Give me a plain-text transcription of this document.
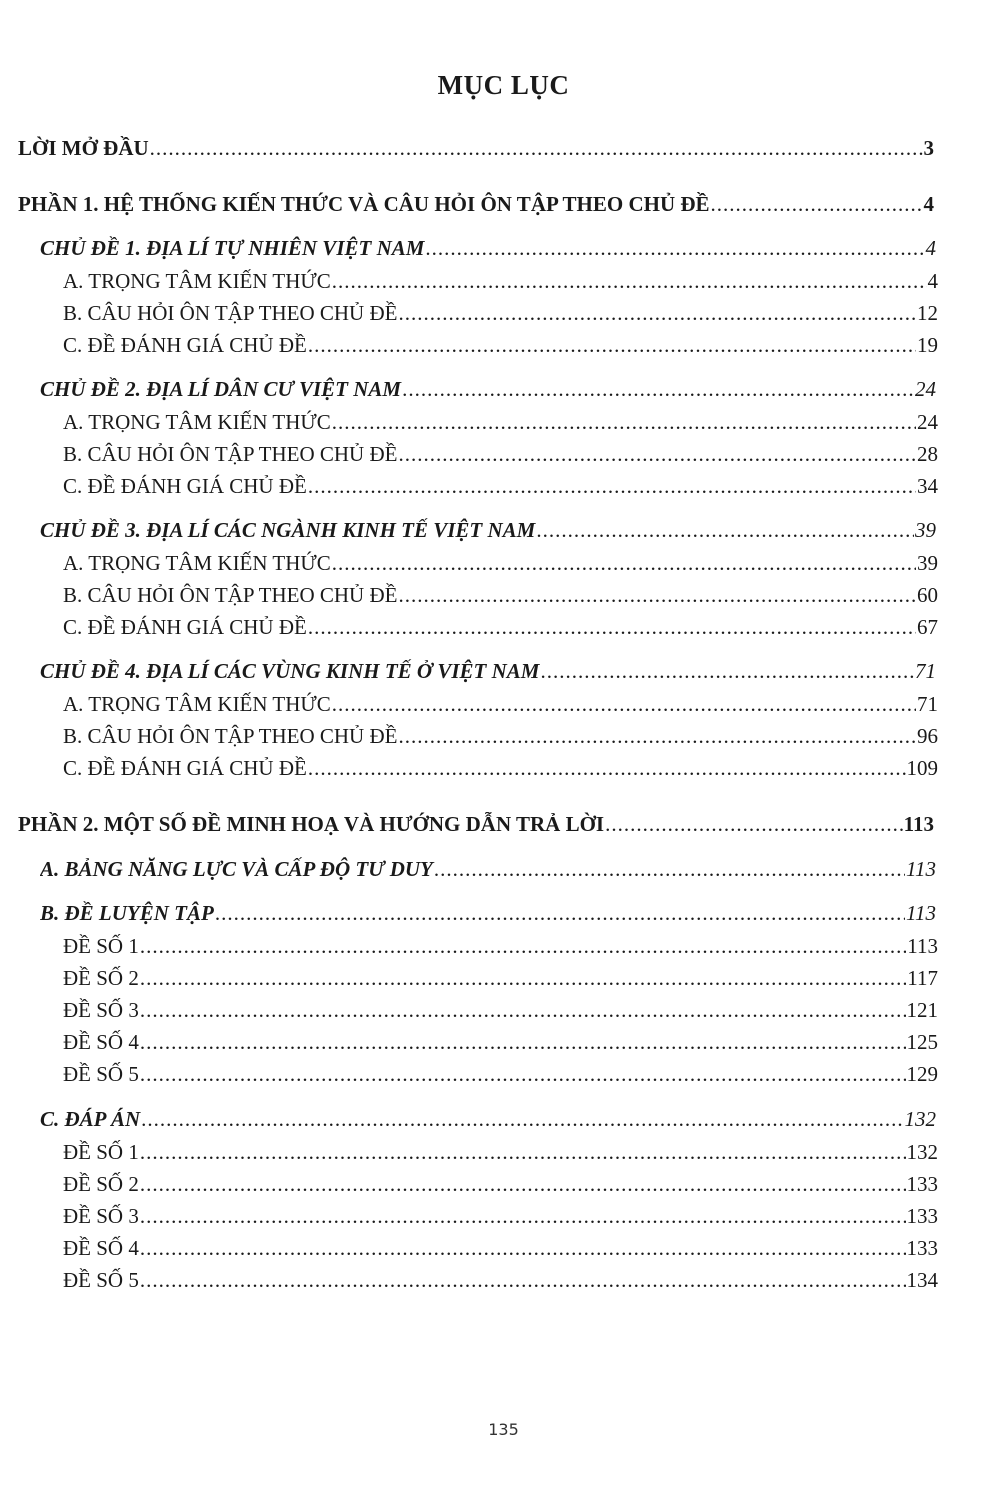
MỤC LỤC
LỜI MỞ ĐẦU .....	3
PHẦN 1. HỆ THỐNG KIẾN THỨC VÀ CÂU HỎI ÔN TẬP THEO CHỦ ĐỀ .....	4
CHỦ ĐỀ 1. ĐỊA LÍ TỰ NHIÊN VIỆT NAM .....	4
A. TRỌNG TÂM KIẾN THỨC .....	4
B. CÂU HỎI ÔN TẬP THEO CHỦ ĐỀ .....	12
C. ĐỀ ĐÁNH GIÁ CHỦ ĐỀ .....	19
CHỦ ĐỀ 2. ĐỊA LÍ DÂN CƯ VIỆT NAM .....	24
A. TRỌNG TÂM KIẾN THỨC .....	24
B. CÂU HỎI ÔN TẬP THEO CHỦ ĐỀ .....	28
C. ĐỀ ĐÁNH GIÁ CHỦ ĐỀ .....	34
CHỦ ĐỀ 3. ĐỊA LÍ CÁC NGÀNH KINH TẾ VIỆT NAM .....	39
A. TRỌNG TÂM KIẾN THỨC .....	39
B. CÂU HỎI ÔN TẬP THEO CHỦ ĐỀ .....	60
C. ĐỀ ĐÁNH GIÁ CHỦ ĐỀ .....	67
CHỦ ĐỀ 4. ĐỊA LÍ CÁC VÙNG KINH TẾ Ở VIỆT NAM .....	71
A. TRỌNG TÂM KIẾN THỨC .....	71
B. CÂU HỎI ÔN TẬP THEO CHỦ ĐỀ .....	96
C. ĐỀ ĐÁNH GIÁ CHỦ ĐỀ .....	109
PHẦN 2. MỘT SỐ ĐỀ MINH HOẠ VÀ HƯỚNG DẪN TRẢ LỜI .....	113
A. BẢNG NĂNG LỰC VÀ CẤP ĐỘ TƯ DUY .....	113
B. ĐỀ LUYỆN TẬP .....	113
ĐỀ SỐ 1 .....	113
ĐỀ SỐ 2 .....	117
ĐỀ SỐ 3 .....	121
ĐỀ SỐ 4 .....	125
ĐỀ SỐ 5 .....	129
C. ĐÁP ÁN .....	132
ĐỀ SỐ 1 .....	132
ĐỀ SỐ 2 .....	133
ĐỀ SỐ 3 .....	133
ĐỀ SỐ 4 .....	133
ĐỀ SỐ 5 .....	134
135
